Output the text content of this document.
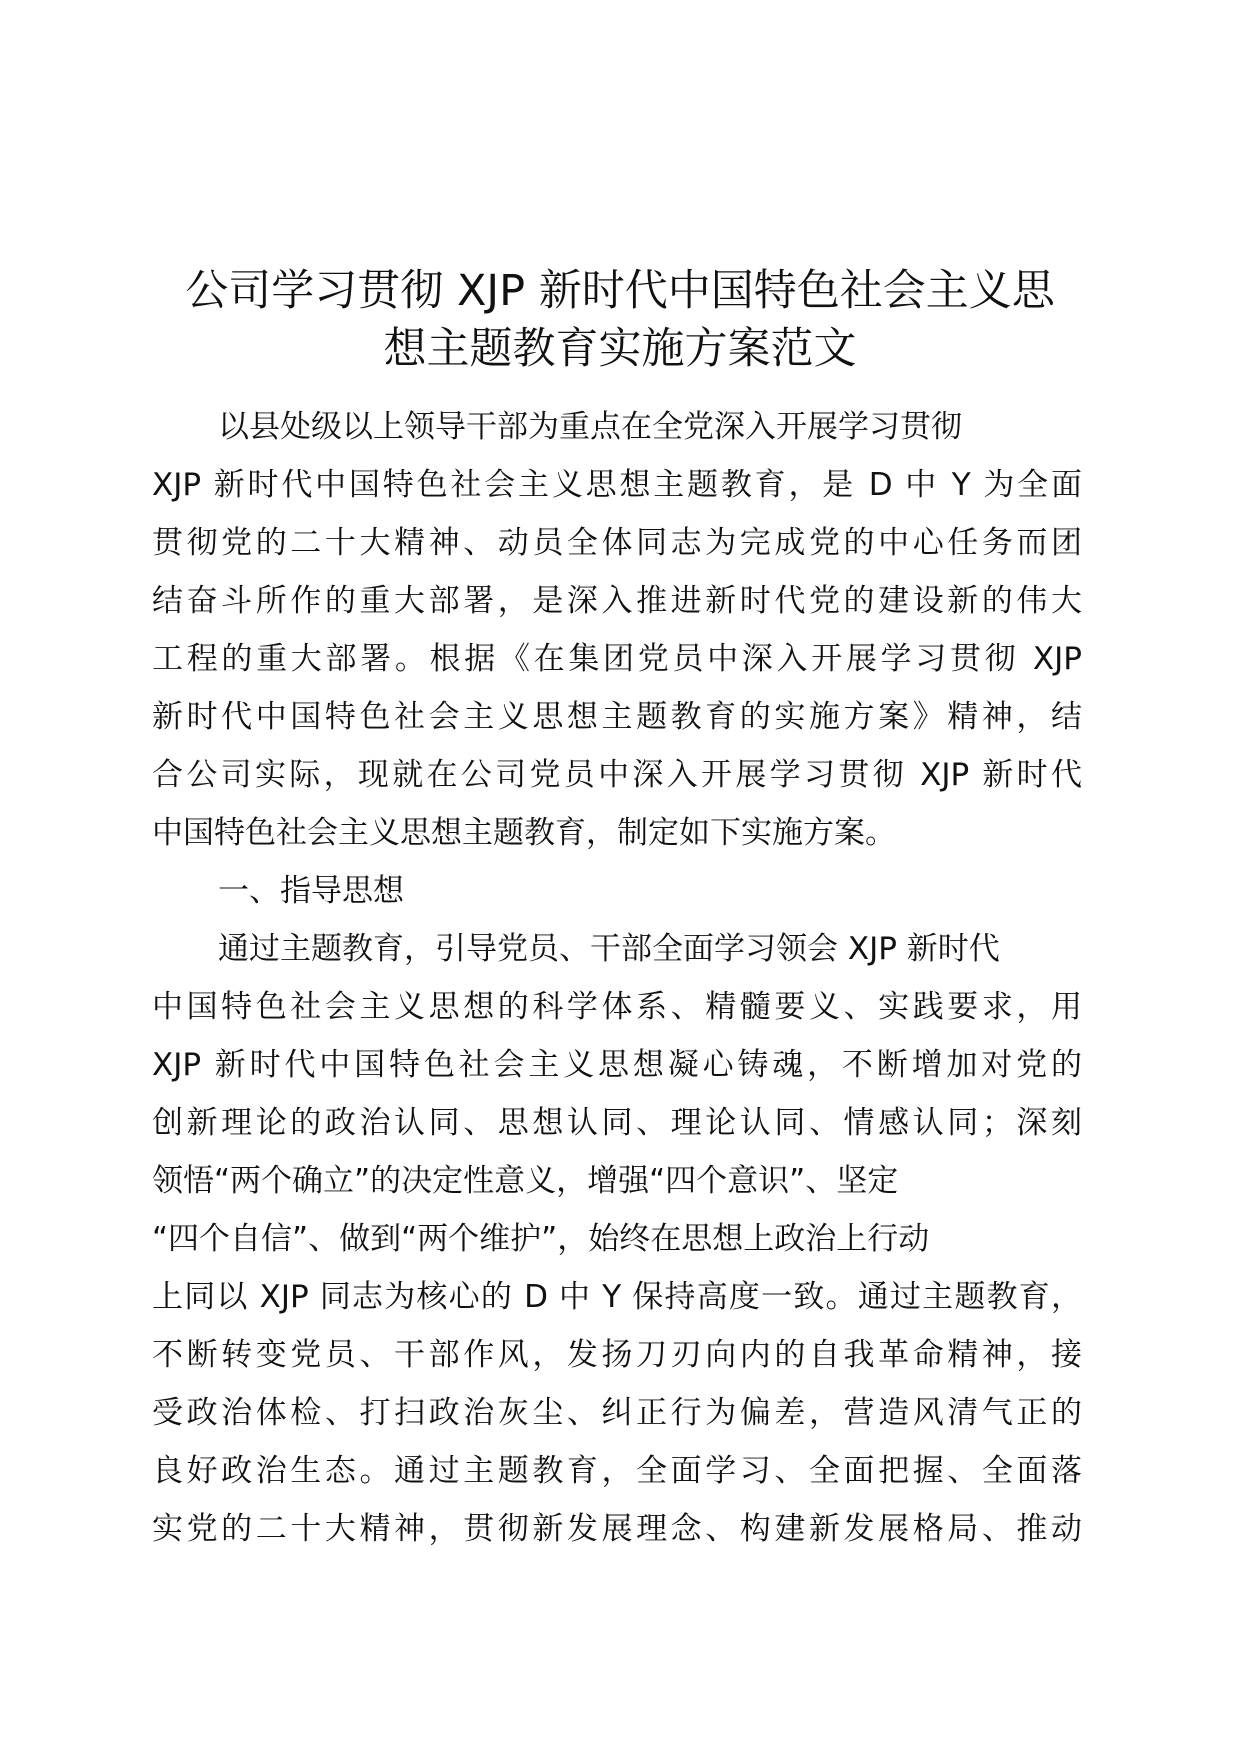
公司学习贯彻 XJP 新时代中国特色社会主义思
想主题教育实施方案范文
以县处级以上领导干部为重点在全党深入开展学习贯彻
XJP 新时代中国特色社会主义思想主题教育，是 D 中 Y 为全面
贯彻党的二十大精神、动员全体同志为完成党的中心任务而团
结奋斗所作的重大部署，是深入推进新时代党的建设新的伟大
工程的重大部署。根据《在集团党员中深入开展学习贯彻 XJP
新时代中国特色社会主义思想主题教育的实施方案》精神，结
合公司实际，现就在公司党员中深入开展学习贯彻 XJP 新时代
中国特色社会主义思想主题教育，制定如下实施方案。
一、指导思想
通过主题教育，引导党员、干部全面学习领会 XJP 新时代
中国特色社会主义思想的科学体系、精髓要义、实践要求，用
XJP 新时代中国特色社会主义思想凝心铸魂，不断增加对党的
创新理论的政治认同、思想认同、理论认同、情感认同；深刻
领悟“两个确立”的决定性意义，增强“四个意识”、坚定
“四个自信”、做到“两个维护”，始终在思想上政治上行动
上同以 XJP 同志为核心的 D 中 Y 保持高度一致。通过主题教育，
不断转变党员、干部作风，发扬刀刃向内的自我革命精神，接
受政治体检、打扫政治灰尘、纠正行为偏差，营造风清气正的
良好政治生态。通过主题教育，全面学习、全面把握、全面落
实党的二十大精神，贯彻新发展理念、构建新发展格局、推动
